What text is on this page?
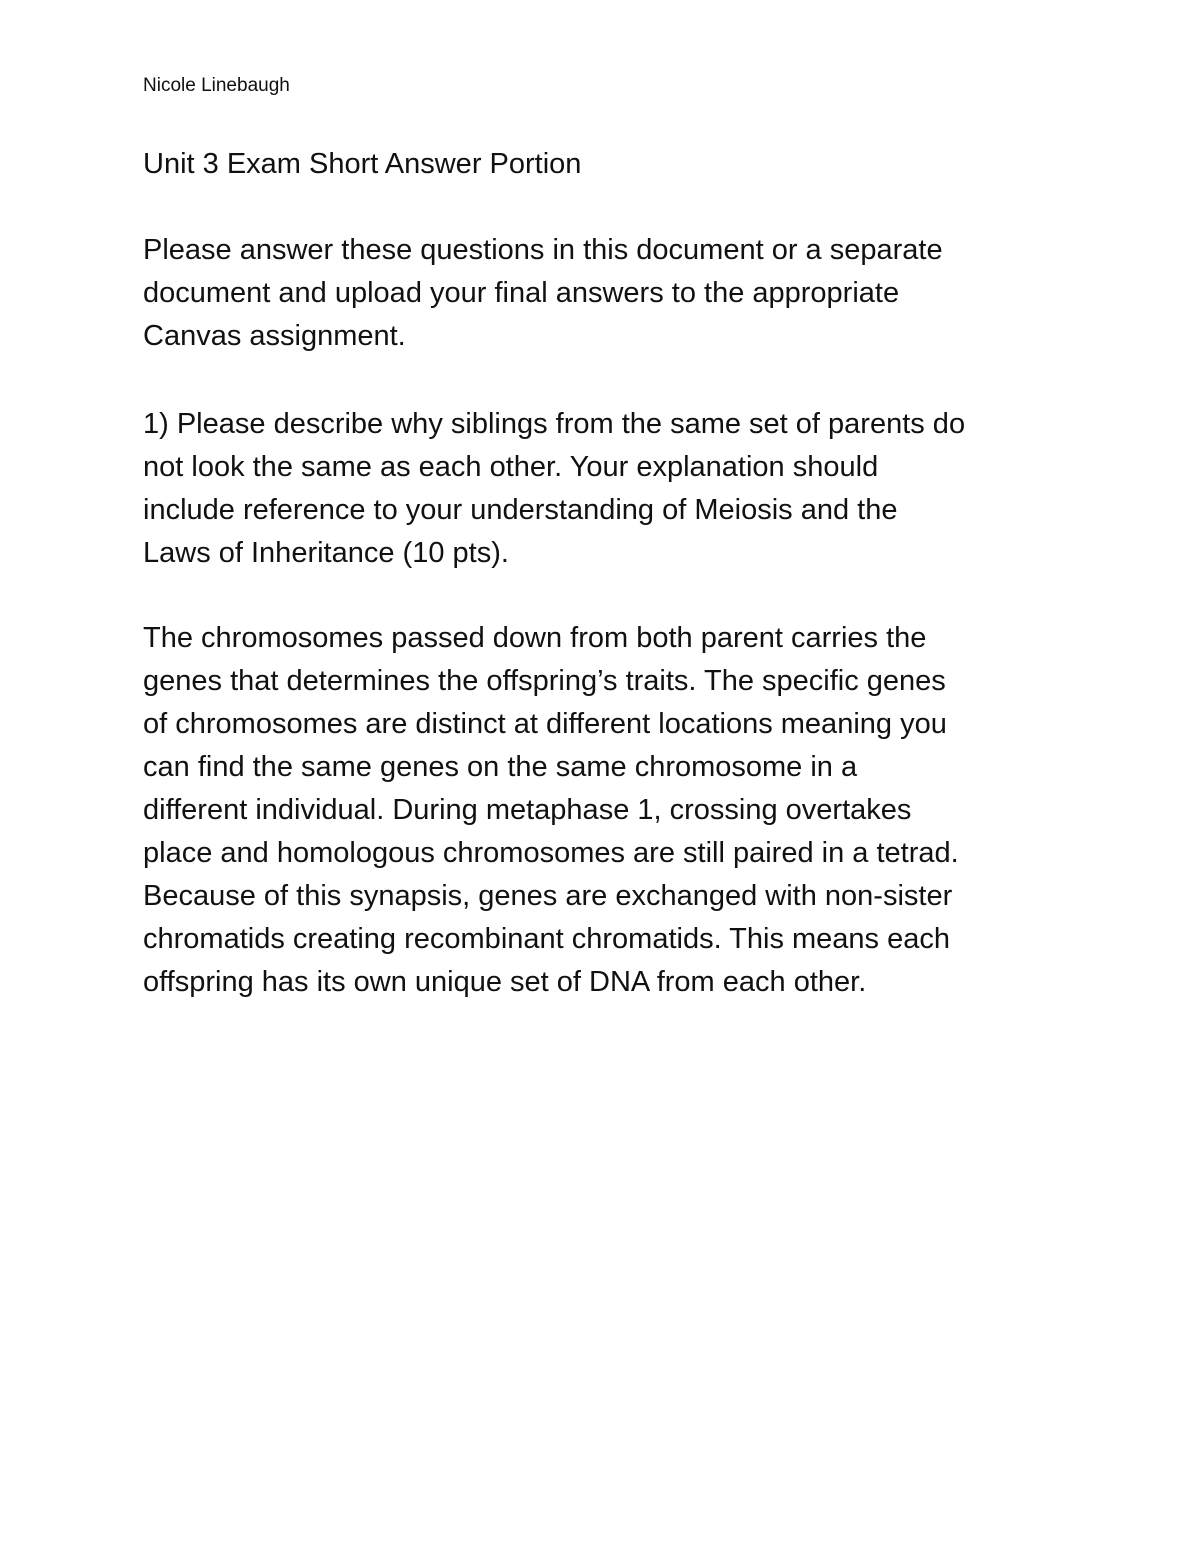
Nicole Linebaugh
Unit 3 Exam Short Answer Portion
Please answer these questions in this document or a separate
document and upload your final answers to the appropriate
Canvas assignment.
1) Please describe why siblings from the same set of parents do
not look the same as each other. Your explanation should
include reference to your understanding of Meiosis and the
Laws of Inheritance (10 pts).
The chromosomes passed down from both parent carries the
genes that determines the offspring’s traits. The specific genes
of chromosomes are distinct at different locations meaning you
can find the same genes on the same chromosome in a
different individual. During metaphase 1, crossing overtakes
place and homologous chromosomes are still paired in a tetrad.
Because of this synapsis, genes are exchanged with non-sister
chromatids creating recombinant chromatids. This means each
offspring has its own unique set of DNA from each other.
